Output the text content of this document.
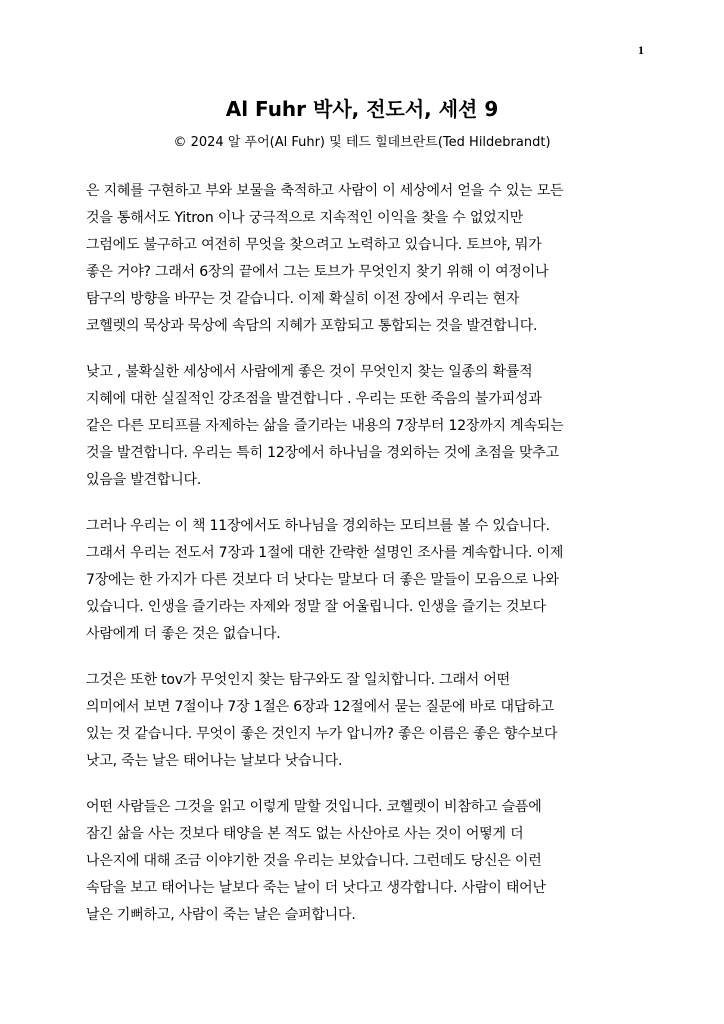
1
Al Fuhr 박사, 전도서, 세션 9

© 2024 알 푸어(Al Fuhr) 및 테드 힐데브란트(Ted Hildebrandt)

은 지혜를 구현하고 부와 보물을 축적하고 사람이 이 세상에서 얻을 수 있는 모든
것을 통해서도 Yitron 이나 궁극적으로 지속적인 이익을 찾을 수 없었지만
그럼에도 불구하고 여전히 무엇을 찾으려고 노력하고 있습니다. 토브야, 뭐가
좋은 거야? 그래서 6장의 끝에서 그는 토브가 무엇인지 찾기 위해 이 여정이나
탐구의 방향을 바꾸는 것 같습니다. 이제 확실히 이전 장에서 우리는 현자
코헬렛의 묵상과 묵상에 속담의 지혜가 포함되고 통합되는 것을 발견합니다.
낮고 , 불확실한 세상에서 사람에게 좋은 것이 무엇인지 찾는 일종의 확률적
지혜에 대한 실질적인 강조점을 발견합니다 . 우리는 또한 죽음의 불가피성과
같은 다른 모티프를 자제하는 삶을 즐기라는 내용의 7장부터 12장까지 계속되는
것을 발견합니다. 우리는 특히 12장에서 하나님을 경외하는 것에 초점을 맞추고
있음을 발견합니다.
그러나 우리는 이 책 11장에서도 하나님을 경외하는 모티브를 볼 수 있습니다.
그래서 우리는 전도서 7장과 1절에 대한 간략한 설명인 조사를 계속합니다. 이제
7장에는 한 가지가 다른 것보다 더 낫다는 말보다 더 좋은 말들이 모음으로 나와
있습니다. 인생을 즐기라는 자제와 정말 잘 어울립니다. 인생을 즐기는 것보다
사람에게 더 좋은 것은 없습니다.
그것은 또한 tov가 무엇인지 찾는 탐구와도 잘 일치합니다. 그래서 어떤
의미에서 보면 7절이나 7장 1절은 6장과 12절에서 묻는 질문에 바로 대답하고
있는 것 같습니다. 무엇이 좋은 것인지 누가 압니까? 좋은 이름은 좋은 향수보다
낫고, 죽는 날은 태어나는 날보다 낫습니다.
어떤 사람들은 그것을 읽고 이렇게 말할 것입니다. 코헬렛이 비참하고 슬픔에
잠긴 삶을 사는 것보다 태양을 본 적도 없는 사산아로 사는 것이 어떻게 더
나은지에 대해 조금 이야기한 것을 우리는 보았습니다. 그런데도 당신은 이런
속담을 보고 태어나는 날보다 죽는 날이 더 낫다고 생각합니다. 사람이 태어난
날은 기뻐하고, 사람이 죽는 날은 슬퍼합니다.
